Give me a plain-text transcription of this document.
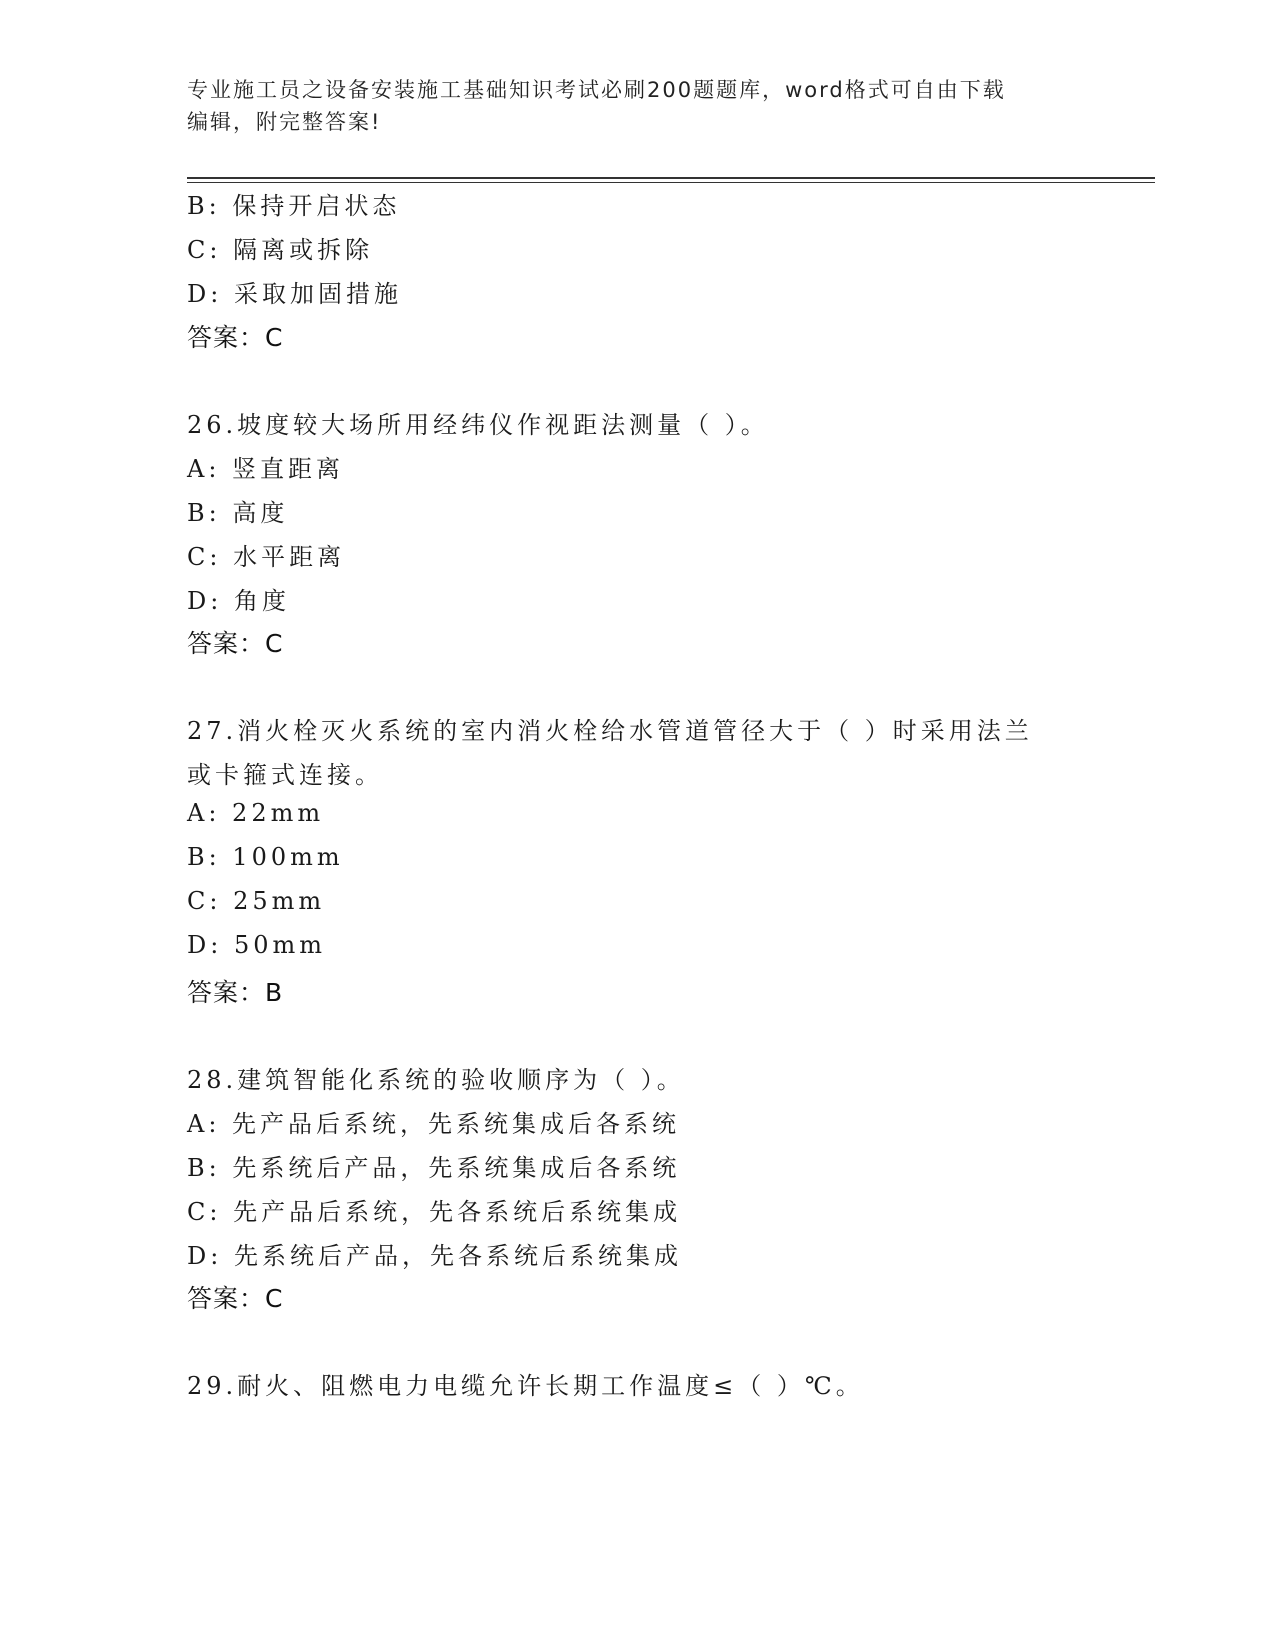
专业施工员之设备安装施工基础知识考试必刷200题题库，word格式可自由下载
编辑，附完整答案!
B: 保持开启状态
C: 隔离或拆除
D: 采取加固措施
答案：C
26.坡度较大场所用经纬仪作视距法测量（ ）。
A: 竖直距离
B: 高度
C: 水平距离
D: 角度
答案：C
27.消火栓灭火系统的室内消火栓给水管道管径大于（ ）时采用法兰
或卡箍式连接。
A: 22mm
B: 100mm
C: 25mm
D: 50mm
答案：B
28.建筑智能化系统的验收顺序为（ ）。
A: 先产品后系统，先系统集成后各系统
B: 先系统后产品，先系统集成后各系统
C: 先产品后系统，先各系统后系统集成
D: 先系统后产品，先各系统后系统集成
答案：C
29.耐火、阻燃电力电缆允许长期工作温度≤（ ）℃。
